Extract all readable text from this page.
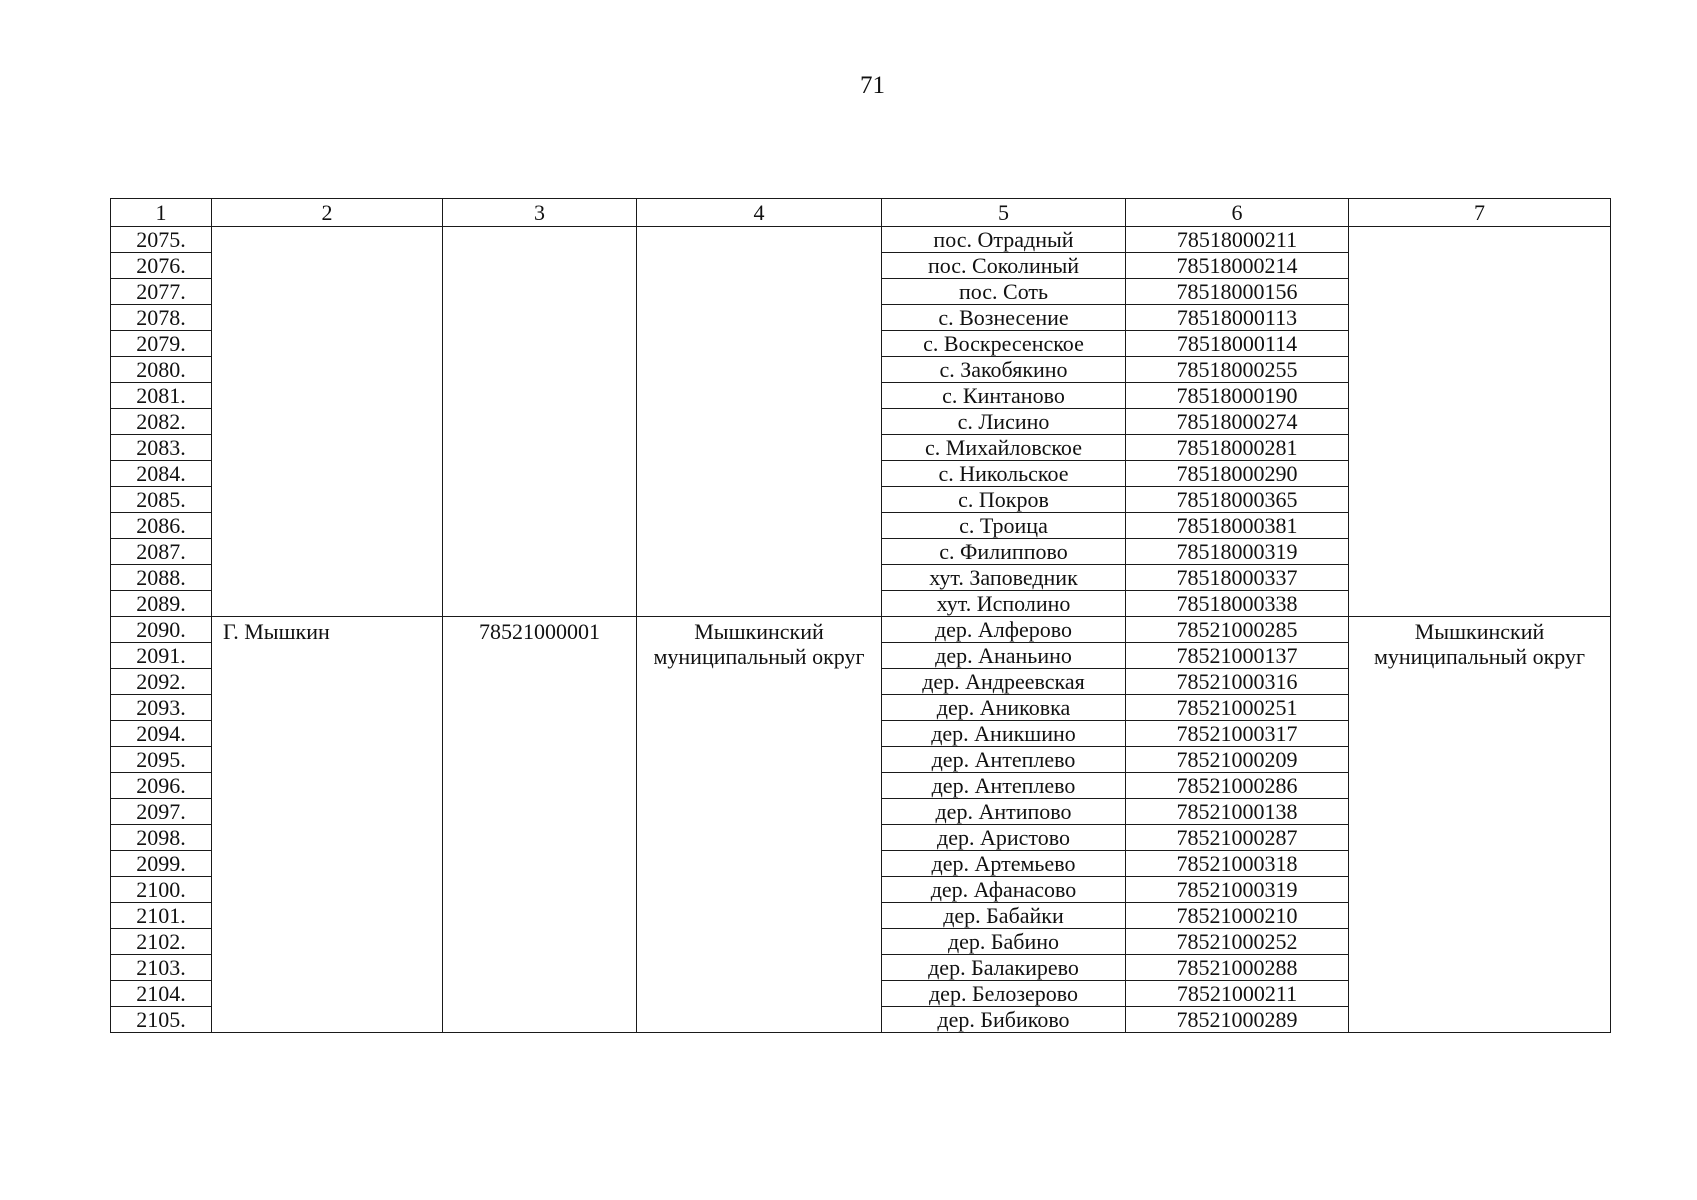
71
1	2	3	4	5	6	7
2075.				пос. Отрадный	78518000211	
2076.				пос. Соколиный	78518000214	
2077.				пос. Соть	78518000156	
2078.				с. Вознесение	78518000113	
2079.				с. Воскресенское	78518000114	
2080.				с. Закобякино	78518000255	
2081.				с. Кинтаново	78518000190	
2082.				с. Лисино	78518000274	
2083.				с. Михайловское	78518000281	
2084.				с. Никольское	78518000290	
2085.				с. Покров	78518000365	
2086.				с. Троица	78518000381	
2087.				с. Филиппово	78518000319	
2088.				хут. Заповедник	78518000337	
2089.				хут. Исполино	78518000338	
2090.	Г. Мышкин	78521000001	Мышкинский муниципальный округ	дер. Алферово	78521000285	Мышкинский муниципальный округ
2091.				дер. Ананьино	78521000137	
2092.				дер. Андреевская	78521000316	
2093.				дер. Аниковка	78521000251	
2094.				дер. Аникшино	78521000317	
2095.				дер. Антеплево	78521000209	
2096.				дер. Антеплево	78521000286	
2097.				дер. Антипово	78521000138	
2098.				дер. Аристово	78521000287	
2099.				дер. Артемьево	78521000318	
2100.				дер. Афанасово	78521000319	
2101.				дер. Бабайки	78521000210	
2102.				дер. Бабино	78521000252	
2103.				дер. Балакирево	78521000288	
2104.				дер. Белозерово	78521000211	
2105.				дер. Бибиково	78521000289	
